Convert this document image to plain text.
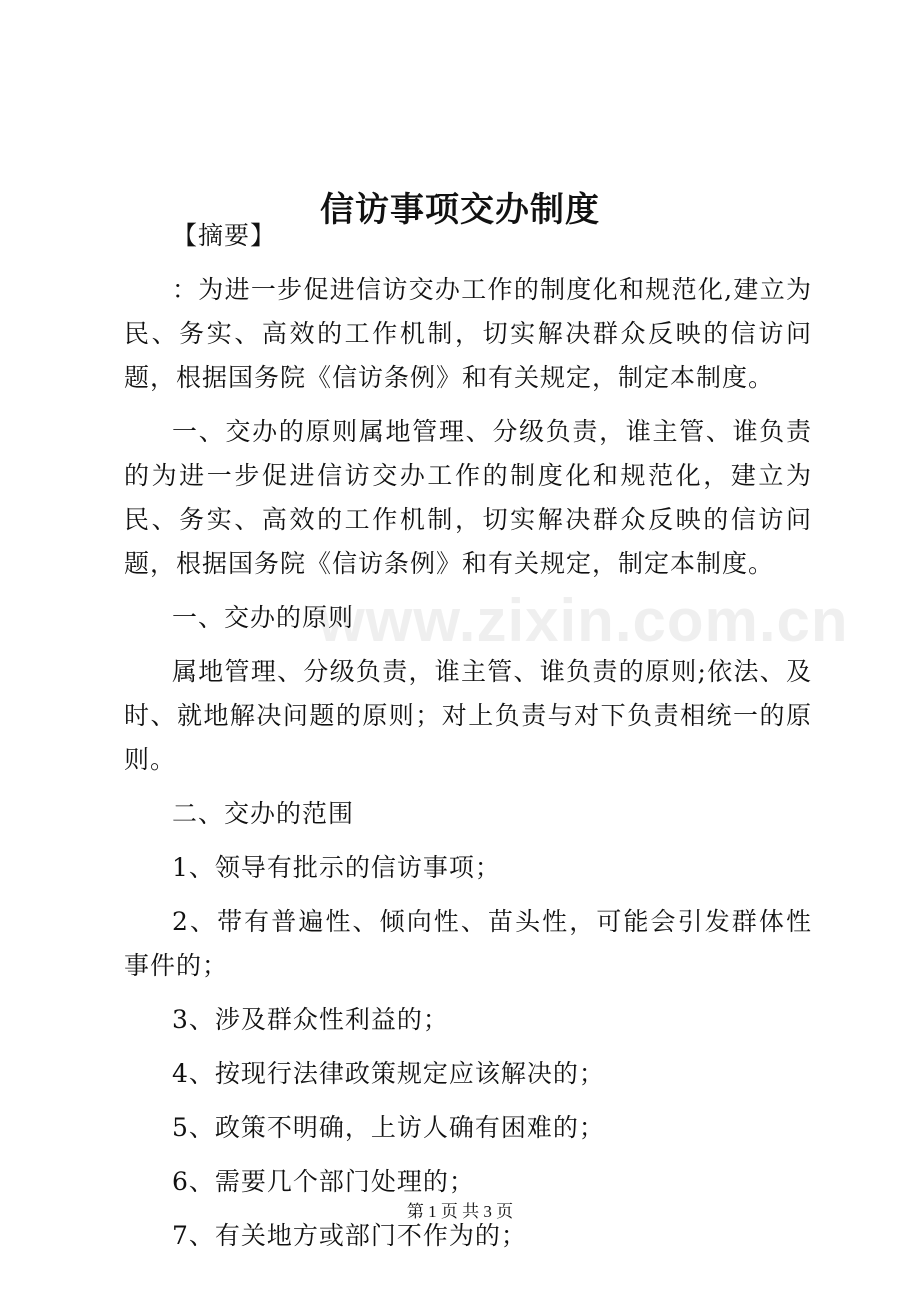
www.zixin.com.cn
信访事项交办制度

【摘要】

：为进一步促进信访交办工作的制度化和规范化,建立为民、务实、高效的工作机制，切实解决群众反映的信访问题，根据国务院《信访条例》和有关规定，制定本制度。

一、交办的原则属地管理、分级负责，谁主管、谁负责的为进一步促进信访交办工作的制度化和规范化，建立为民、务实、高效的工作机制，切实解决群众反映的信访问题，根据国务院《信访条例》和有关规定，制定本制度。

一、交办的原则

属地管理、分级负责，谁主管、谁负责的原则;依法、及时、就地解决问题的原则；对上负责与对下负责相统一的原则。

二、交办的范围

1、领导有批示的信访事项；

2、带有普遍性、倾向性、苗头性，可能会引发群体性事件的；

3、涉及群众性利益的；

4、按现行法律政策规定应该解决的；

5、政策不明确，上访人确有困难的；

6、需要几个部门处理的；

7、有关地方或部门不作为的；

第 1 页 共 3 页
